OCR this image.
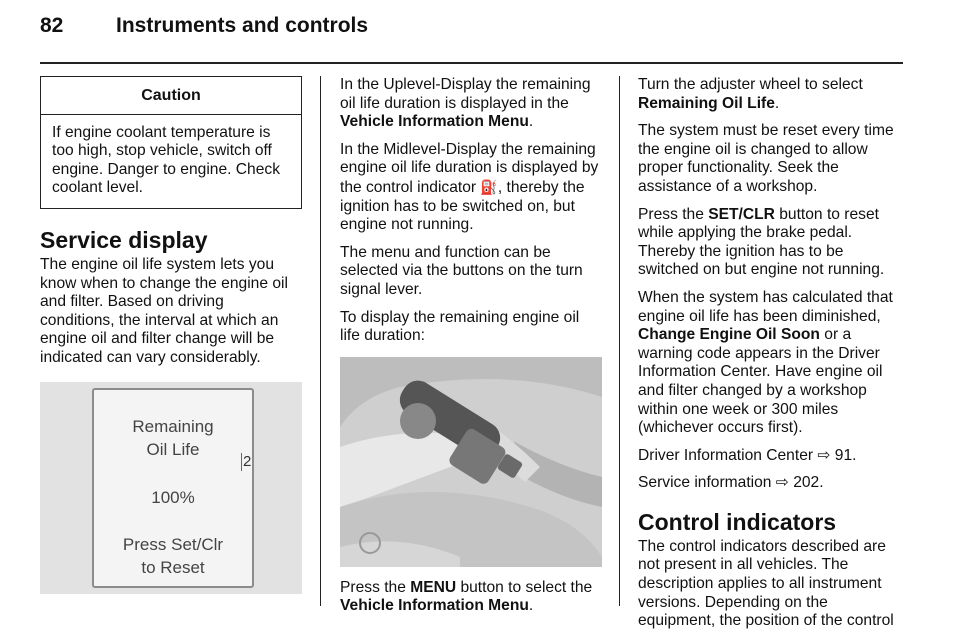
82	Instruments and controls
Caution
If engine coolant temperature is too high, stop vehicle, switch off engine. Danger to engine. Check coolant level.
Service display

The engine oil life system lets you know when to change the engine oil and filter. Based on driving conditions, the interval at which an engine oil and filter change will be indicated can vary considerably.

Remaining
Oil Life
100%
Press Set/Clr
to Reset
2

In the Uplevel-Display the remaining oil life duration is displayed in the Vehicle Information Menu.

In the Midlevel-Display the remaining engine oil life duration is displayed by the control indicator ⛽, thereby the ignition has to be switched on, but engine not running.

The menu and function can be selected via the buttons on the turn signal lever.

To display the remaining engine oil life duration:

Press the MENU button to select the Vehicle Information Menu.

Turn the adjuster wheel to select Remaining Oil Life.

The system must be reset every time the engine oil is changed to allow proper functionality. Seek the assistance of a workshop.

Press the SET/CLR button to reset while applying the brake pedal. Thereby the ignition has to be switched on but engine not running.

When the system has calculated that engine oil life has been diminished, Change Engine Oil Soon or a warning code appears in the Driver Information Center. Have engine oil and filter changed by a workshop within one week or 300 miles (whichever occurs first).

Driver Information Center ⇨ 91.

Service information ⇨ 202.

Control indicators

The control indicators described are not present in all vehicles. The description applies to all instrument versions. Depending on the equipment, the position of the control
